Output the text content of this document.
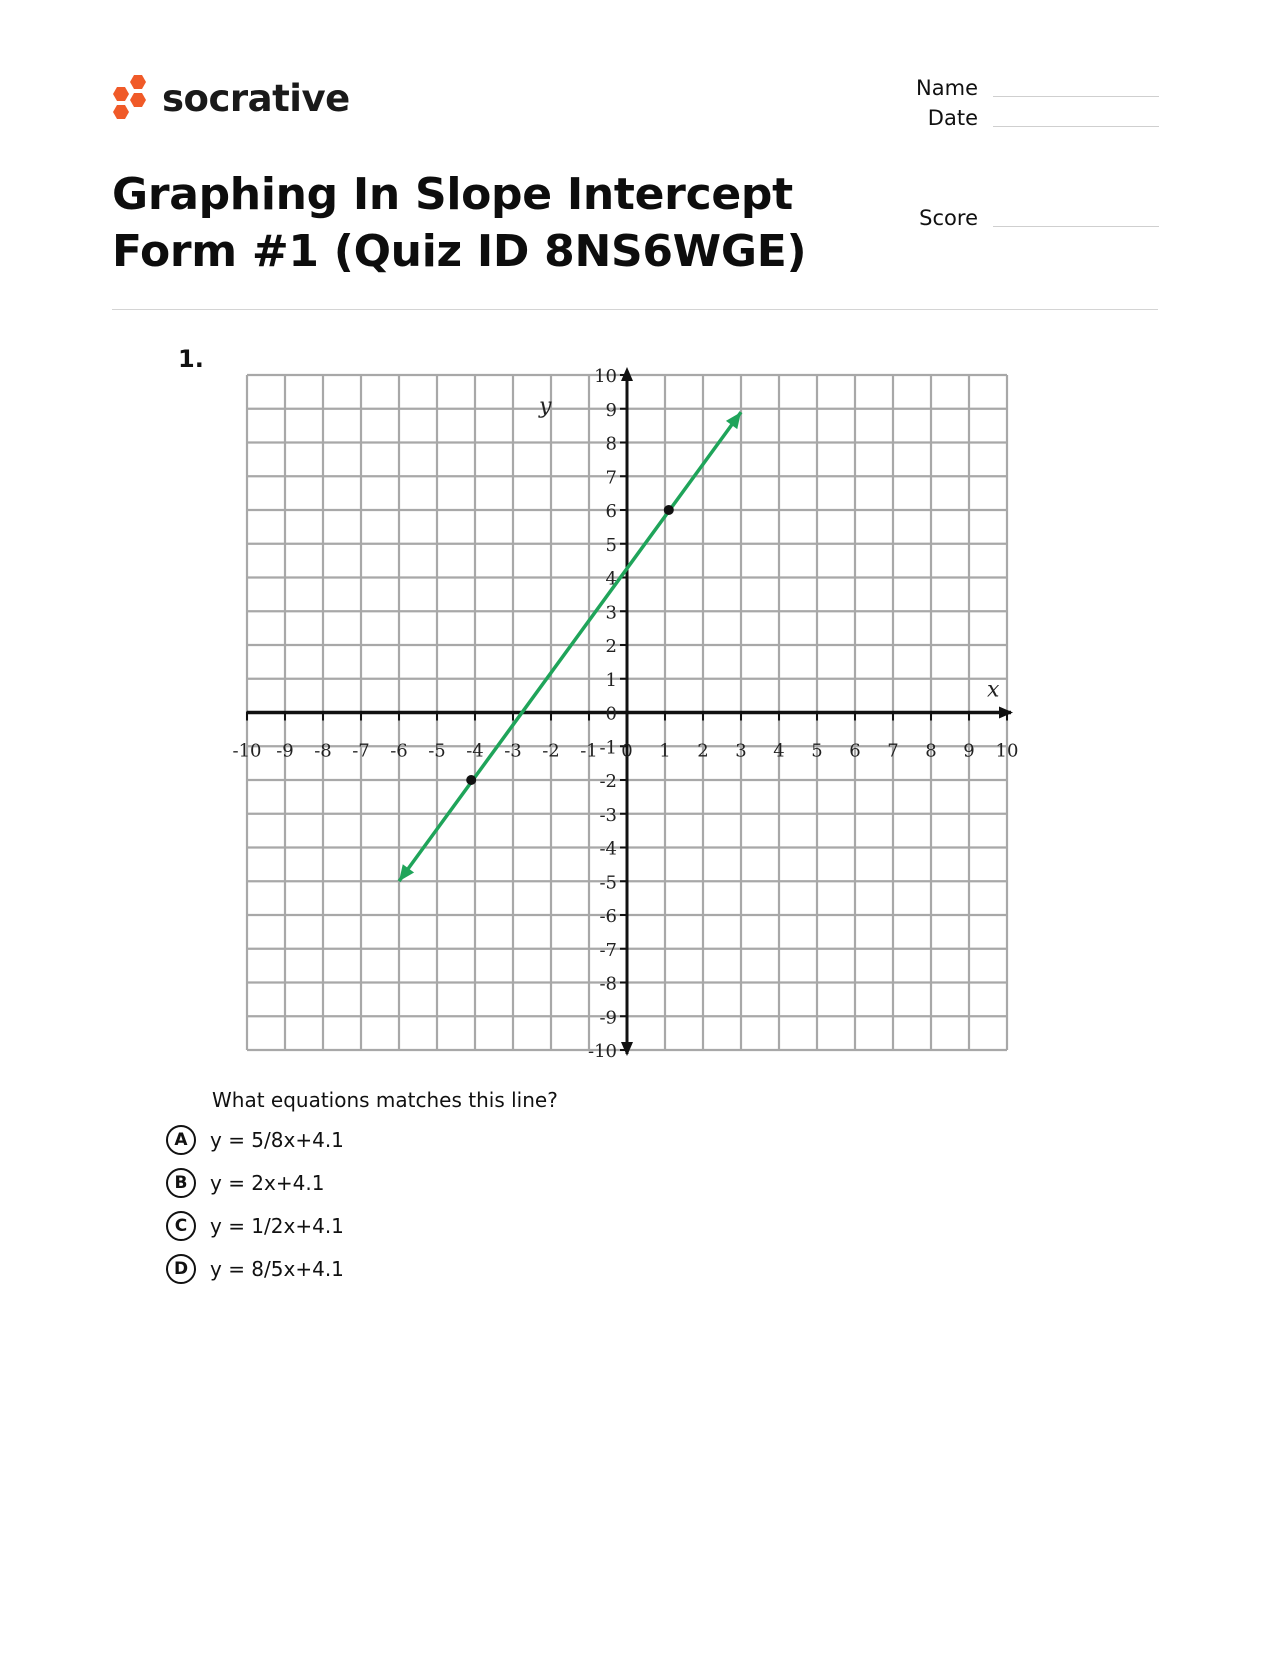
socrative	Name
Date
Score
Graphing In Slope Intercept
Form #1 (Quiz ID 8NS6WGE)
1.
-10 -9 -8 -7 -6 -5 -4 -3 -2 -1 0 1 2 3 4 5 6 7 8 9 10
10
9
8
7
6
5
4
3
2
1
0
-1
-2
-3
-4
-5
-6
-7
-8
-9
-10
x
y
What equations matches this line?
A	y = 5/8x+4.1
B	y = 2x+4.1
C	y = 1/2x+4.1
D	y = 8/5x+4.1
